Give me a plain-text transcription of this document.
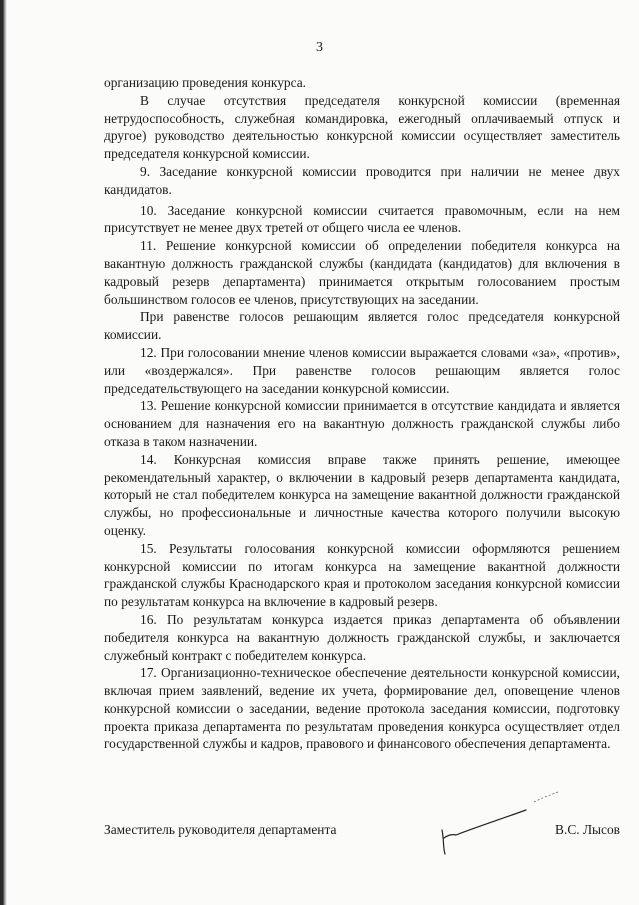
3

организацию проведения конкурса.

В случае отсутствия председателя конкурсной комиссии (временная нетрудоспособность, служебная командировка, ежегодный оплачиваемый отпуск и другое) руководство деятельностью конкурсной комиссии осуществляет заместитель председателя конкурсной комиссии.

9. Заседание конкурсной комиссии проводится при наличии не менее двух кандидатов.

10. Заседание конкурсной комиссии считается правомочным, если на нем присутствует не менее двух третей от общего числа ее членов.

11. Решение конкурсной комиссии об определении победителя конкурса на вакантную должность гражданской службы (кандидата (кандидатов) для включения в кадровый резерв департамента) принимается открытым голосованием простым большинством голосов ее членов, присутствующих на заседании.

При равенстве голосов решающим является голос председателя конкурсной комиссии.

12. При голосовании мнение членов комиссии выражается словами «за», «против», или «воздержался». При равенстве голосов решающим является голос председательствующего на заседании конкурсной комиссии.

13. Решение конкурсной комиссии принимается в отсутствие кандидата и является основанием для назначения его на вакантную должность гражданской службы либо отказа в таком назначении.

14. Конкурсная комиссия вправе также принять решение, имеющее рекомендательный характер, о включении в кадровый резерв департамента кандидата, который не стал победителем конкурса на замещение вакантной должности гражданской службы, но профессиональные и личностные качества которого получили высокую оценку.

15. Результаты голосования конкурсной комиссии оформляются решением конкурсной комиссии по итогам конкурса на замещение вакантной должности гражданской службы Краснодарского края и протоколом заседания конкурсной комиссии по результатам конкурса на включение в кадровый резерв.

16. По результатам конкурса издается приказ департамента об объявлении победителя конкурса на вакантную должность гражданской службы, и заключается служебный контракт с победителем конкурса.

17. Организационно-техническое обеспечение деятельности конкурсной комиссии, включая прием заявлений, ведение их учета, формирование дел, оповещение членов конкурсной комиссии о заседании, ведение протокола заседания комиссии, подготовку проекта приказа департамента по результатам проведения конкурса осуществляет отдел государственной службы и кадров, правового и финансового обеспечения департамента.

Заместитель руководителя департамента	В.С. Лысов
